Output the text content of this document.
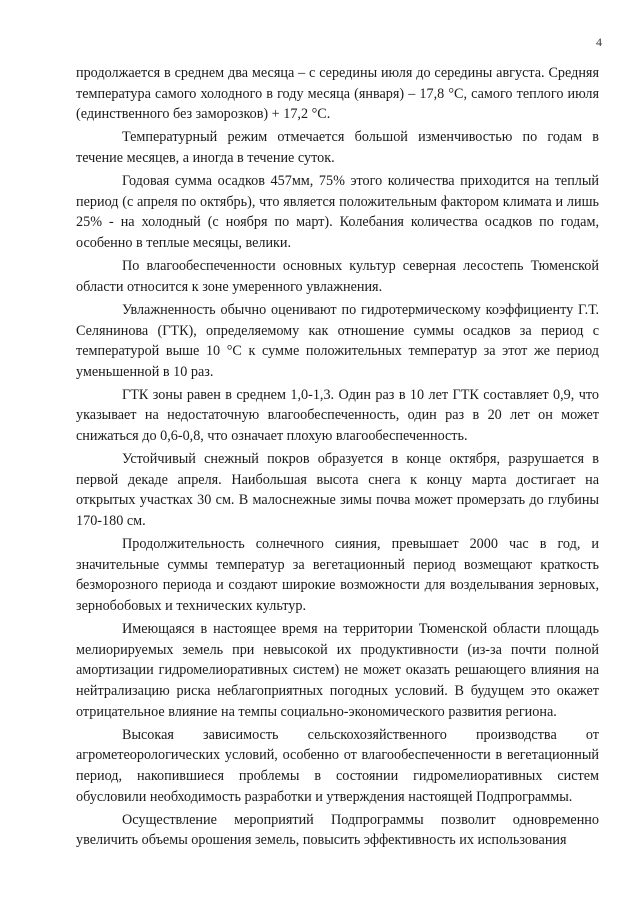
4

продолжается в среднем два месяца – с середины июля до середины августа. Средняя температура самого холодного в году месяца (января) – 17,8 °С, самого теплого июля (единственного без заморозков) + 17,2 °С.

Температурный режим отмечается большой изменчивостью по годам в течение месяцев, а иногда в течение суток.

Годовая сумма осадков 457мм, 75% этого количества приходится на теплый период (с апреля по октябрь), что является положительным фактором климата и лишь 25% - на холодный (с ноября по март). Колебания количества осадков по годам, особенно в теплые месяцы, велики.

По влагообеспеченности основных культур северная лесостепь Тюменской области относится к зоне умеренного увлажнения.

Увлажненность обычно оценивают по гидротермическому коэффициенту Г.Т. Селянинова (ГТК), определяемому как отношение суммы осадков за период с температурой выше 10 °С к сумме положительных температур за этот же период уменьшенной в 10 раз.

ГТК зоны равен в среднем 1,0-1,3. Один раз в 10 лет ГТК составляет 0,9, что указывает на недостаточную влагообеспеченность, один раз в 20 лет он может снижаться до 0,6-0,8, что означает плохую влагообеспеченность.

Устойчивый снежный покров образуется в конце октября, разрушается в первой декаде апреля. Наибольшая высота снега к концу марта достигает на открытых участках 30 см. В малоснежные зимы почва может промерзать до глубины 170-180 см.

Продолжительность солнечного сияния, превышает 2000 час в год, и значительные суммы температур за вегетационный период возмещают краткость безморозного периода и создают широкие возможности для возделывания зерновых, зернобобовых и технических культур.

Имеющаяся в настоящее время на территории Тюменской области площадь мелиорируемых земель при невысокой их продуктивности (из-за почти полной амортизации гидромелиоративных систем) не может оказать решающего влияния на нейтрализацию риска неблагоприятных погодных условий. В будущем это окажет отрицательное влияние на темпы социально-экономического развития региона.

Высокая зависимость сельскохозяйственного производства от агрометеорологических условий, особенно от влагообеспеченности в вегетационный период, накопившиеся проблемы в состоянии гидромелиоративных систем обусловили необходимость разработки и утверждения настоящей Подпрограммы.

Осуществление мероприятий Подпрограммы позволит одновременно увеличить объемы орошения земель, повысить эффективность их использования
